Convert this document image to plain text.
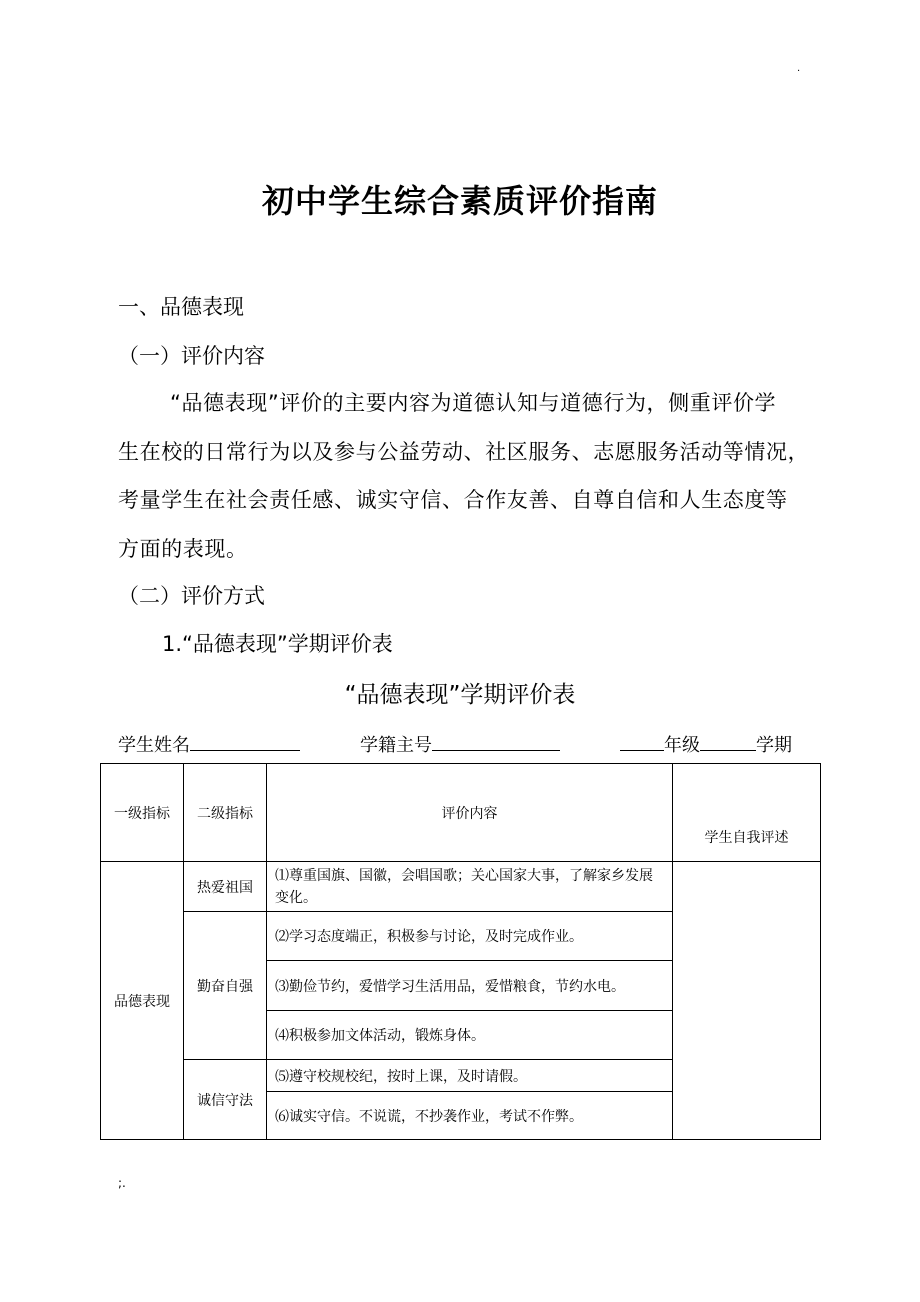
·
初中学生综合素质评价指南
一、品德表现
（一）评价内容
“品德表现”评价的主要内容为道德认知与道德行为，侧重评价学
生在校的日常行为以及参与公益劳动、社区服务、志愿服务活动等情况，
考量学生在社会责任感、诚实守信、合作友善、自尊自信和人生态度等
方面的表现。
（二）评价方式
1.“品德表现”学期评价表
“品德表现”学期评价表
学生姓名	学籍主号	年级	学期
一级指标	二级指标	评价内容	学生自我评述
品德表现	热爱祖国	⑴尊重国旗、国徽，会唱国歌；关心国家大事，了解家乡发展变化。	
	勤奋自强	⑵学习态度端正，积极参与讨论，及时完成作业。	
		⑶勤俭节约，爱惜学习生活用品，爱惜粮食，节约水电。	
		⑷积极参加文体活动，锻炼身体。	
	诚信守法	⑸遵守校规校纪，按时上课，及时请假。	
		⑹诚实守信。不说谎，不抄袭作业，考试不作弊。	
;.
